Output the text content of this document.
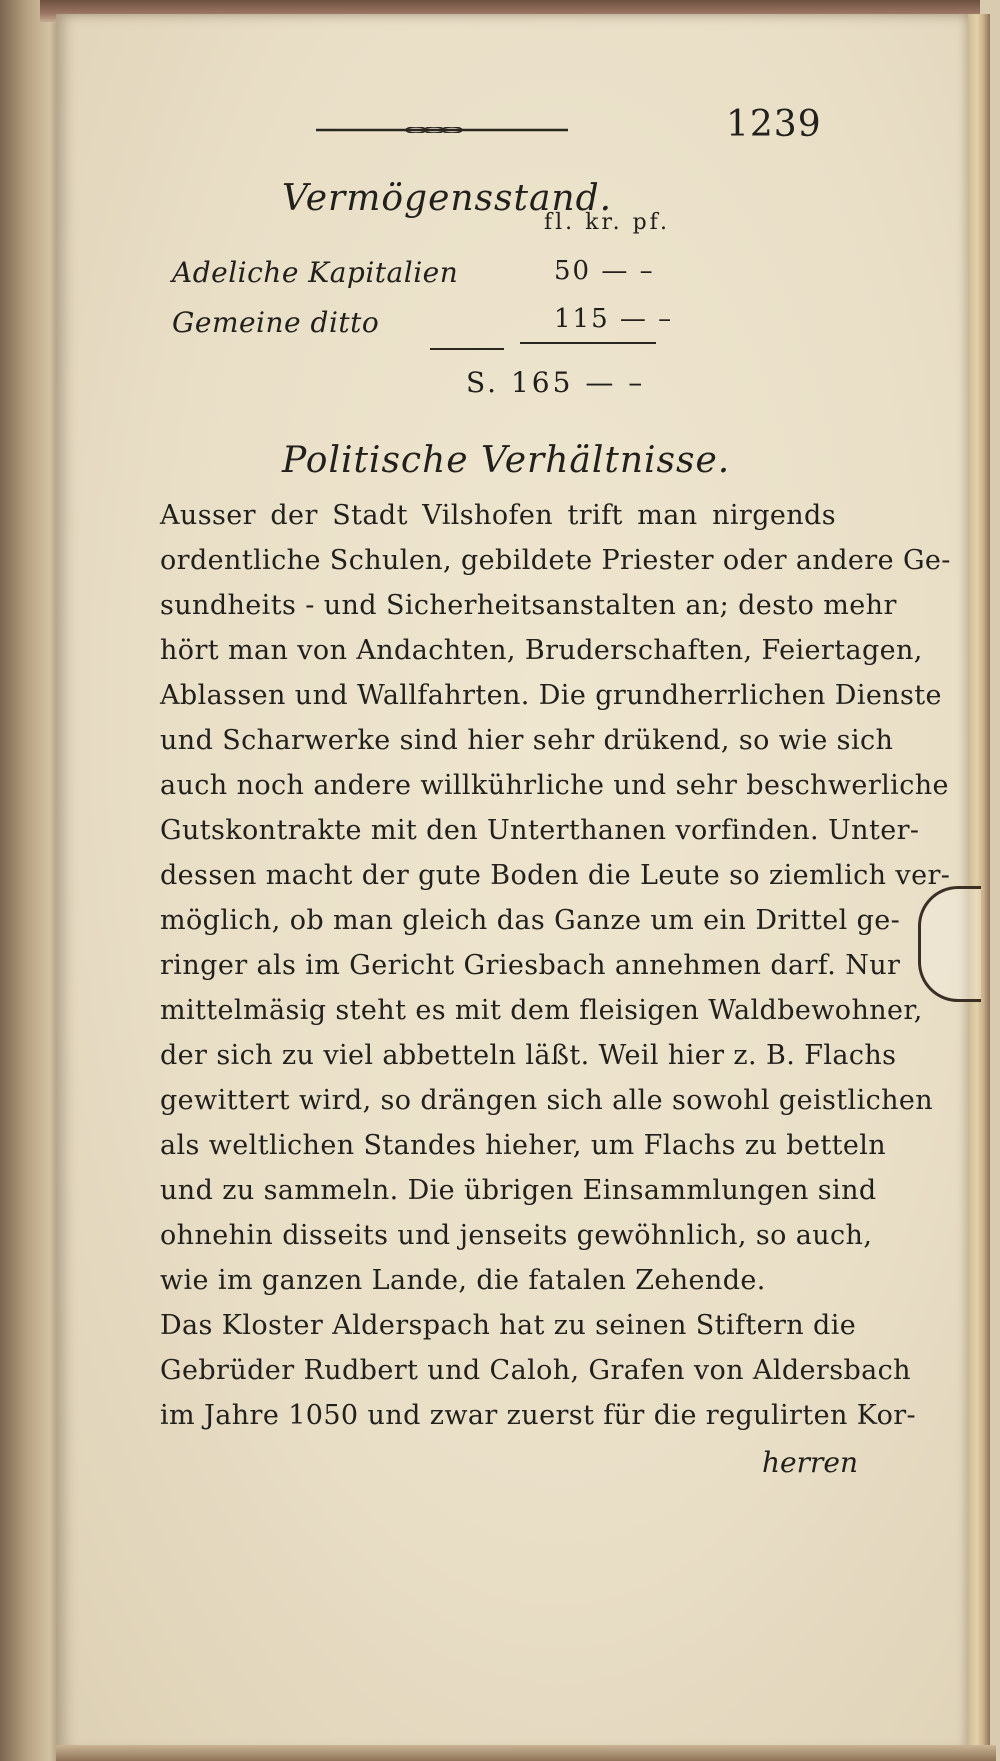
1239
Vermögensstand.
fl. kr. pf.
Adeliche Kapitalien	50 — –
Gemeine ditto	115 — –
S. 165 — –
Politische Verhältnisse.
Ausser der Stadt Vilshofen trift man nirgends
ordentliche Schulen, gebildete Priester oder andere Ge-
sundheits - und Sicherheitsanstalten an; desto mehr
hört man von Andachten, Bruderschaften, Feiertagen,
Ablassen und Wallfahrten. Die grundherrlichen Dienste
und Scharwerke sind hier sehr drükend, so wie sich
auch noch andere willkührliche und sehr beschwerliche
Gutskontrakte mit den Unterthanen vorfinden. Unter-
dessen macht der gute Boden die Leute so ziemlich ver-
möglich, ob man gleich das Ganze um ein Drittel ge-
ringer als im Gericht Griesbach annehmen darf. Nur
mittelmäsig steht es mit dem fleisigen Waldbewohner,
der sich zu viel abbetteln läßt. Weil hier z. B. Flachs
gewittert wird, so drängen sich alle sowohl geistlichen
als weltlichen Standes hieher, um Flachs zu betteln
und zu sammeln. Die übrigen Einsammlungen sind
ohnehin disseits und jenseits gewöhnlich, so auch,
wie im ganzen Lande, die fatalen Zehende.
Das Kloster Alderspach hat zu seinen Stiftern die
Gebrüder Rudbert und Caloh, Grafen von Aldersbach
im Jahre 1050 und zwar zuerst für die regulirten Kor-
herren
